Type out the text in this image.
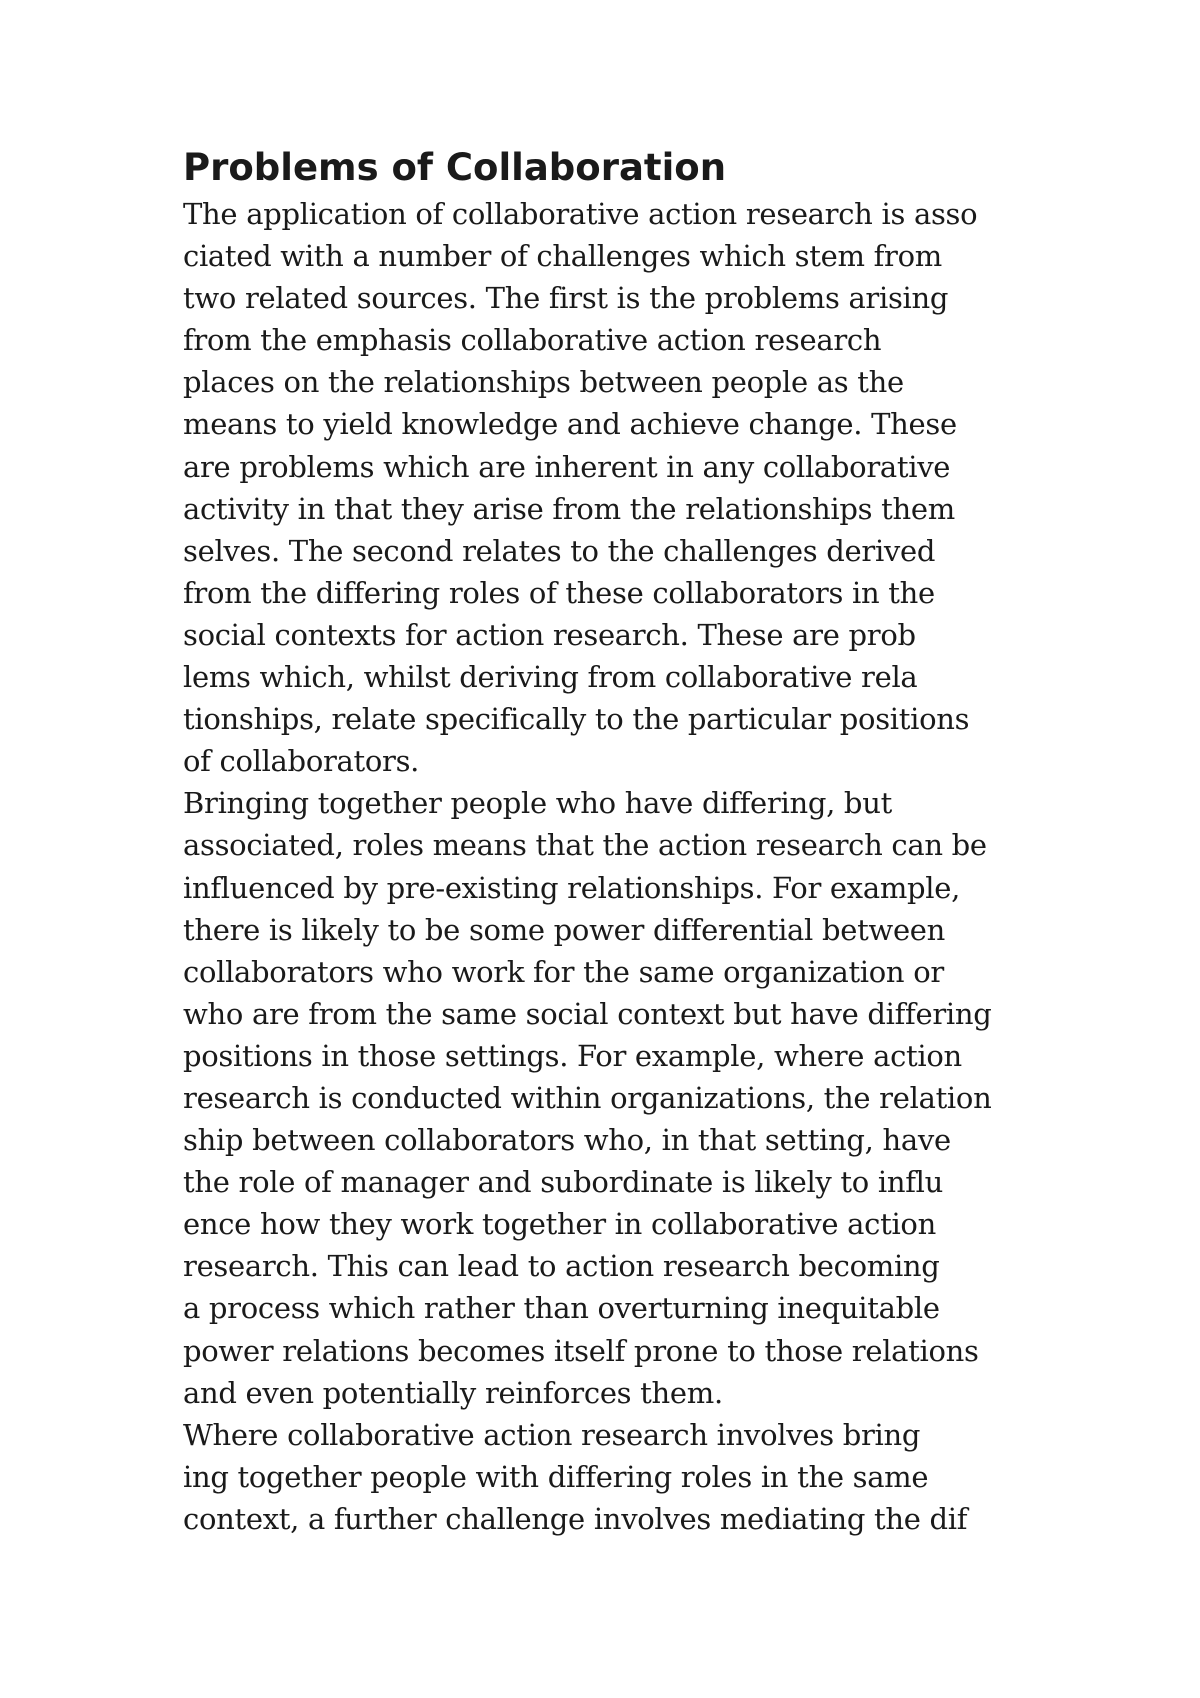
Problems of Collaboration
The application of collaborative action research is asso
ciated with a number of challenges which stem from
two related sources. The first is the problems arising
from the emphasis collaborative action research
places on the relationships between people as the
means to yield knowledge and achieve change. These
are problems which are inherent in any collaborative
activity in that they arise from the relationships them
selves. The second relates to the challenges derived
from the differing roles of these collaborators in the
social contexts for action research. These are prob
lems which, whilst deriving from collaborative rela
tionships, relate specifically to the particular positions
of collaborators.
Bringing together people who have differing, but
associated, roles means that the action research can be
influenced by pre-existing relationships. For example,
there is likely to be some power differential between
collaborators who work for the same organization or
who are from the same social context but have differing
positions in those settings. For example, where action
research is conducted within organizations, the relation
ship between collaborators who, in that setting, have
the role of manager and subordinate is likely to influ
ence how they work together in collaborative action
research. This can lead to action research becoming
a process which rather than overturning inequitable
power relations becomes itself prone to those relations
and even potentially reinforces them.
Where collaborative action research involves bring
ing together people with differing roles in the same
context, a further challenge involves mediating the dif
